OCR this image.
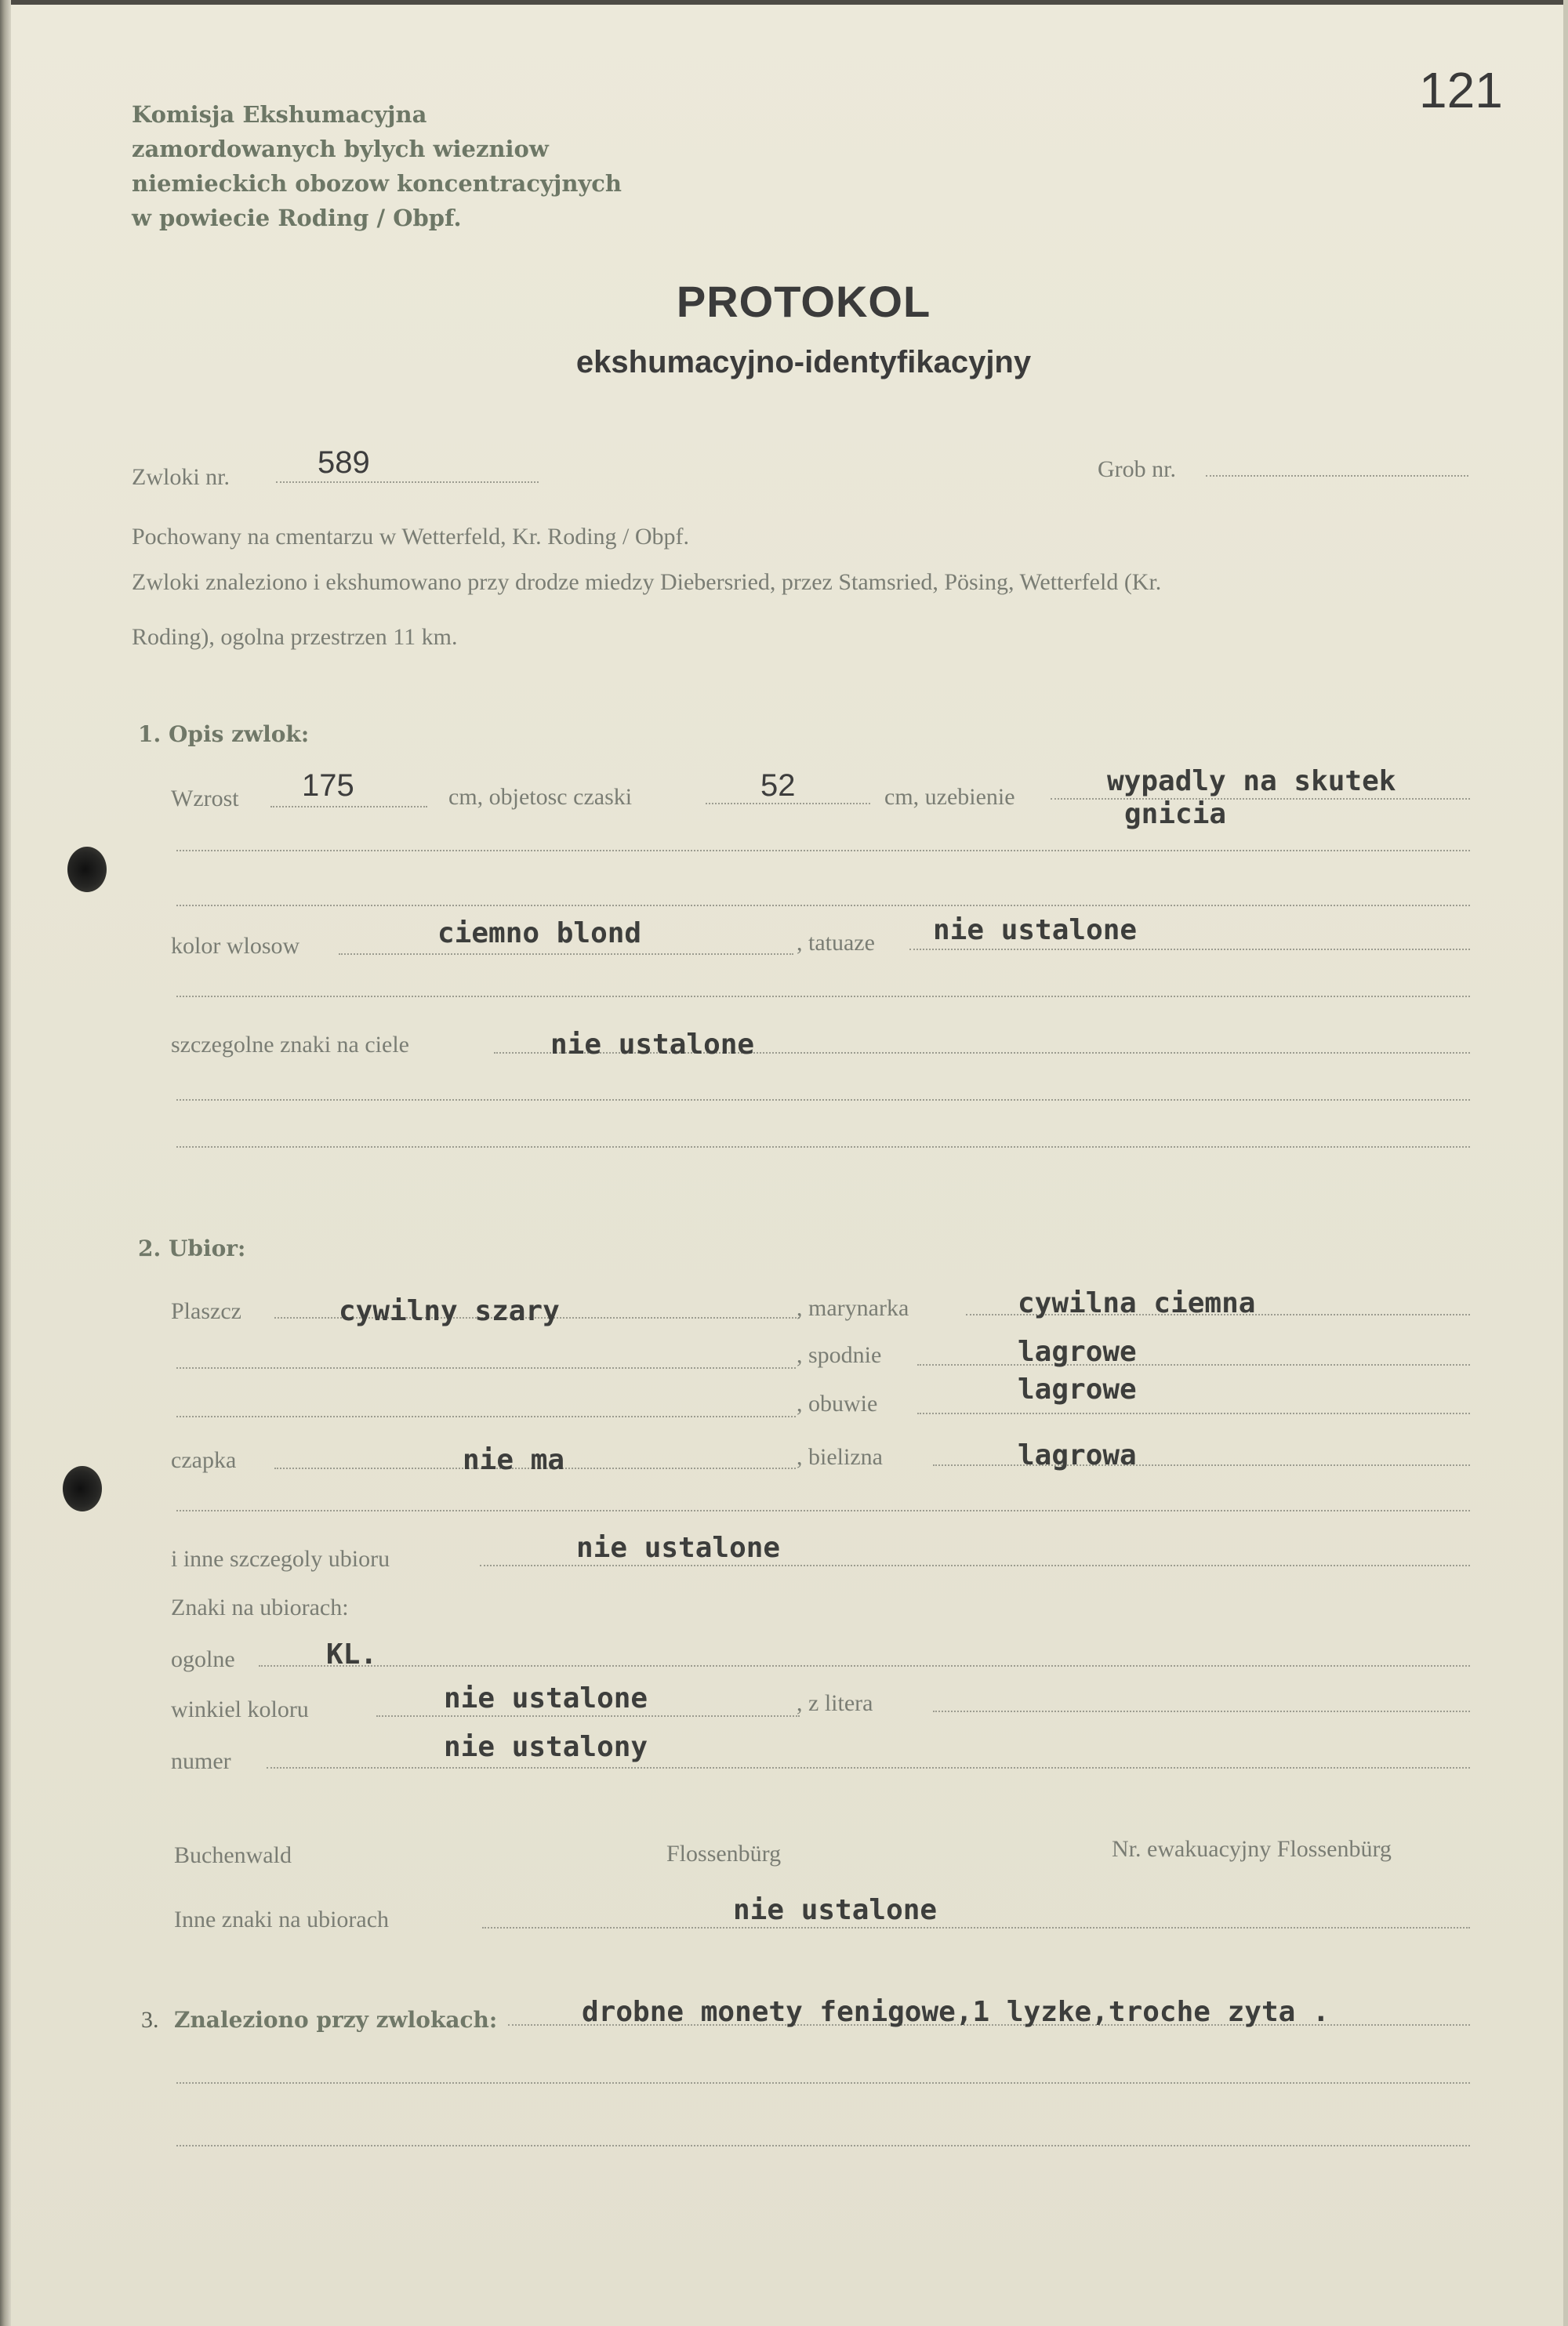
Komisja Ekshumacyjna
zamordowanych bylych wiezniow
niemieckich obozow koncentracyjnych
w powiecie Roding / Obpf.
121
PROTOKOL
ekshumacyjno-identyfikacyjny
Zwloki nr.	589	Grob nr.
Pochowany na cmentarzu w Wetterfeld, Kr. Roding / Obpf.
Zwloki znaleziono i ekshumowano przy drodze miedzy Diebersried, przez Stamsried, Pösing, Wetterfeld (Kr.
Roding), ogolna przestrzen 11 km.
1. Opis zwlok:
Wzrost 175	cm, objetosc czaski	52	cm, uzebienie	wypadly na skutek
gnicia
kolor wlosow	ciemno blond	, tatuaze nie ustalone
szczegolne znaki na ciele	nie ustalone
2. Ubior:
Plaszcz	cywilny szary	, marynarka	cywilna ciemna
, spodnie	lagrowe
, obuwie	lagrowe
czapka	nie ma	, bielizna	lagrowa
i inne szczegoly ubioru	nie ustalone
Znaki na ubiorach:
ogolne	KL.
winkiel koloru	nie ustalone	, z litera
numer	nie ustalony
Buchenwald	Flossenbürg	Nr. ewakuacyjny Flossenbürg
Inne znaki na ubiorach	nie ustalone
3. Znaleziono przy zwlokach:	drobne monety fenigowe,1 lyzke,troche zyta .
